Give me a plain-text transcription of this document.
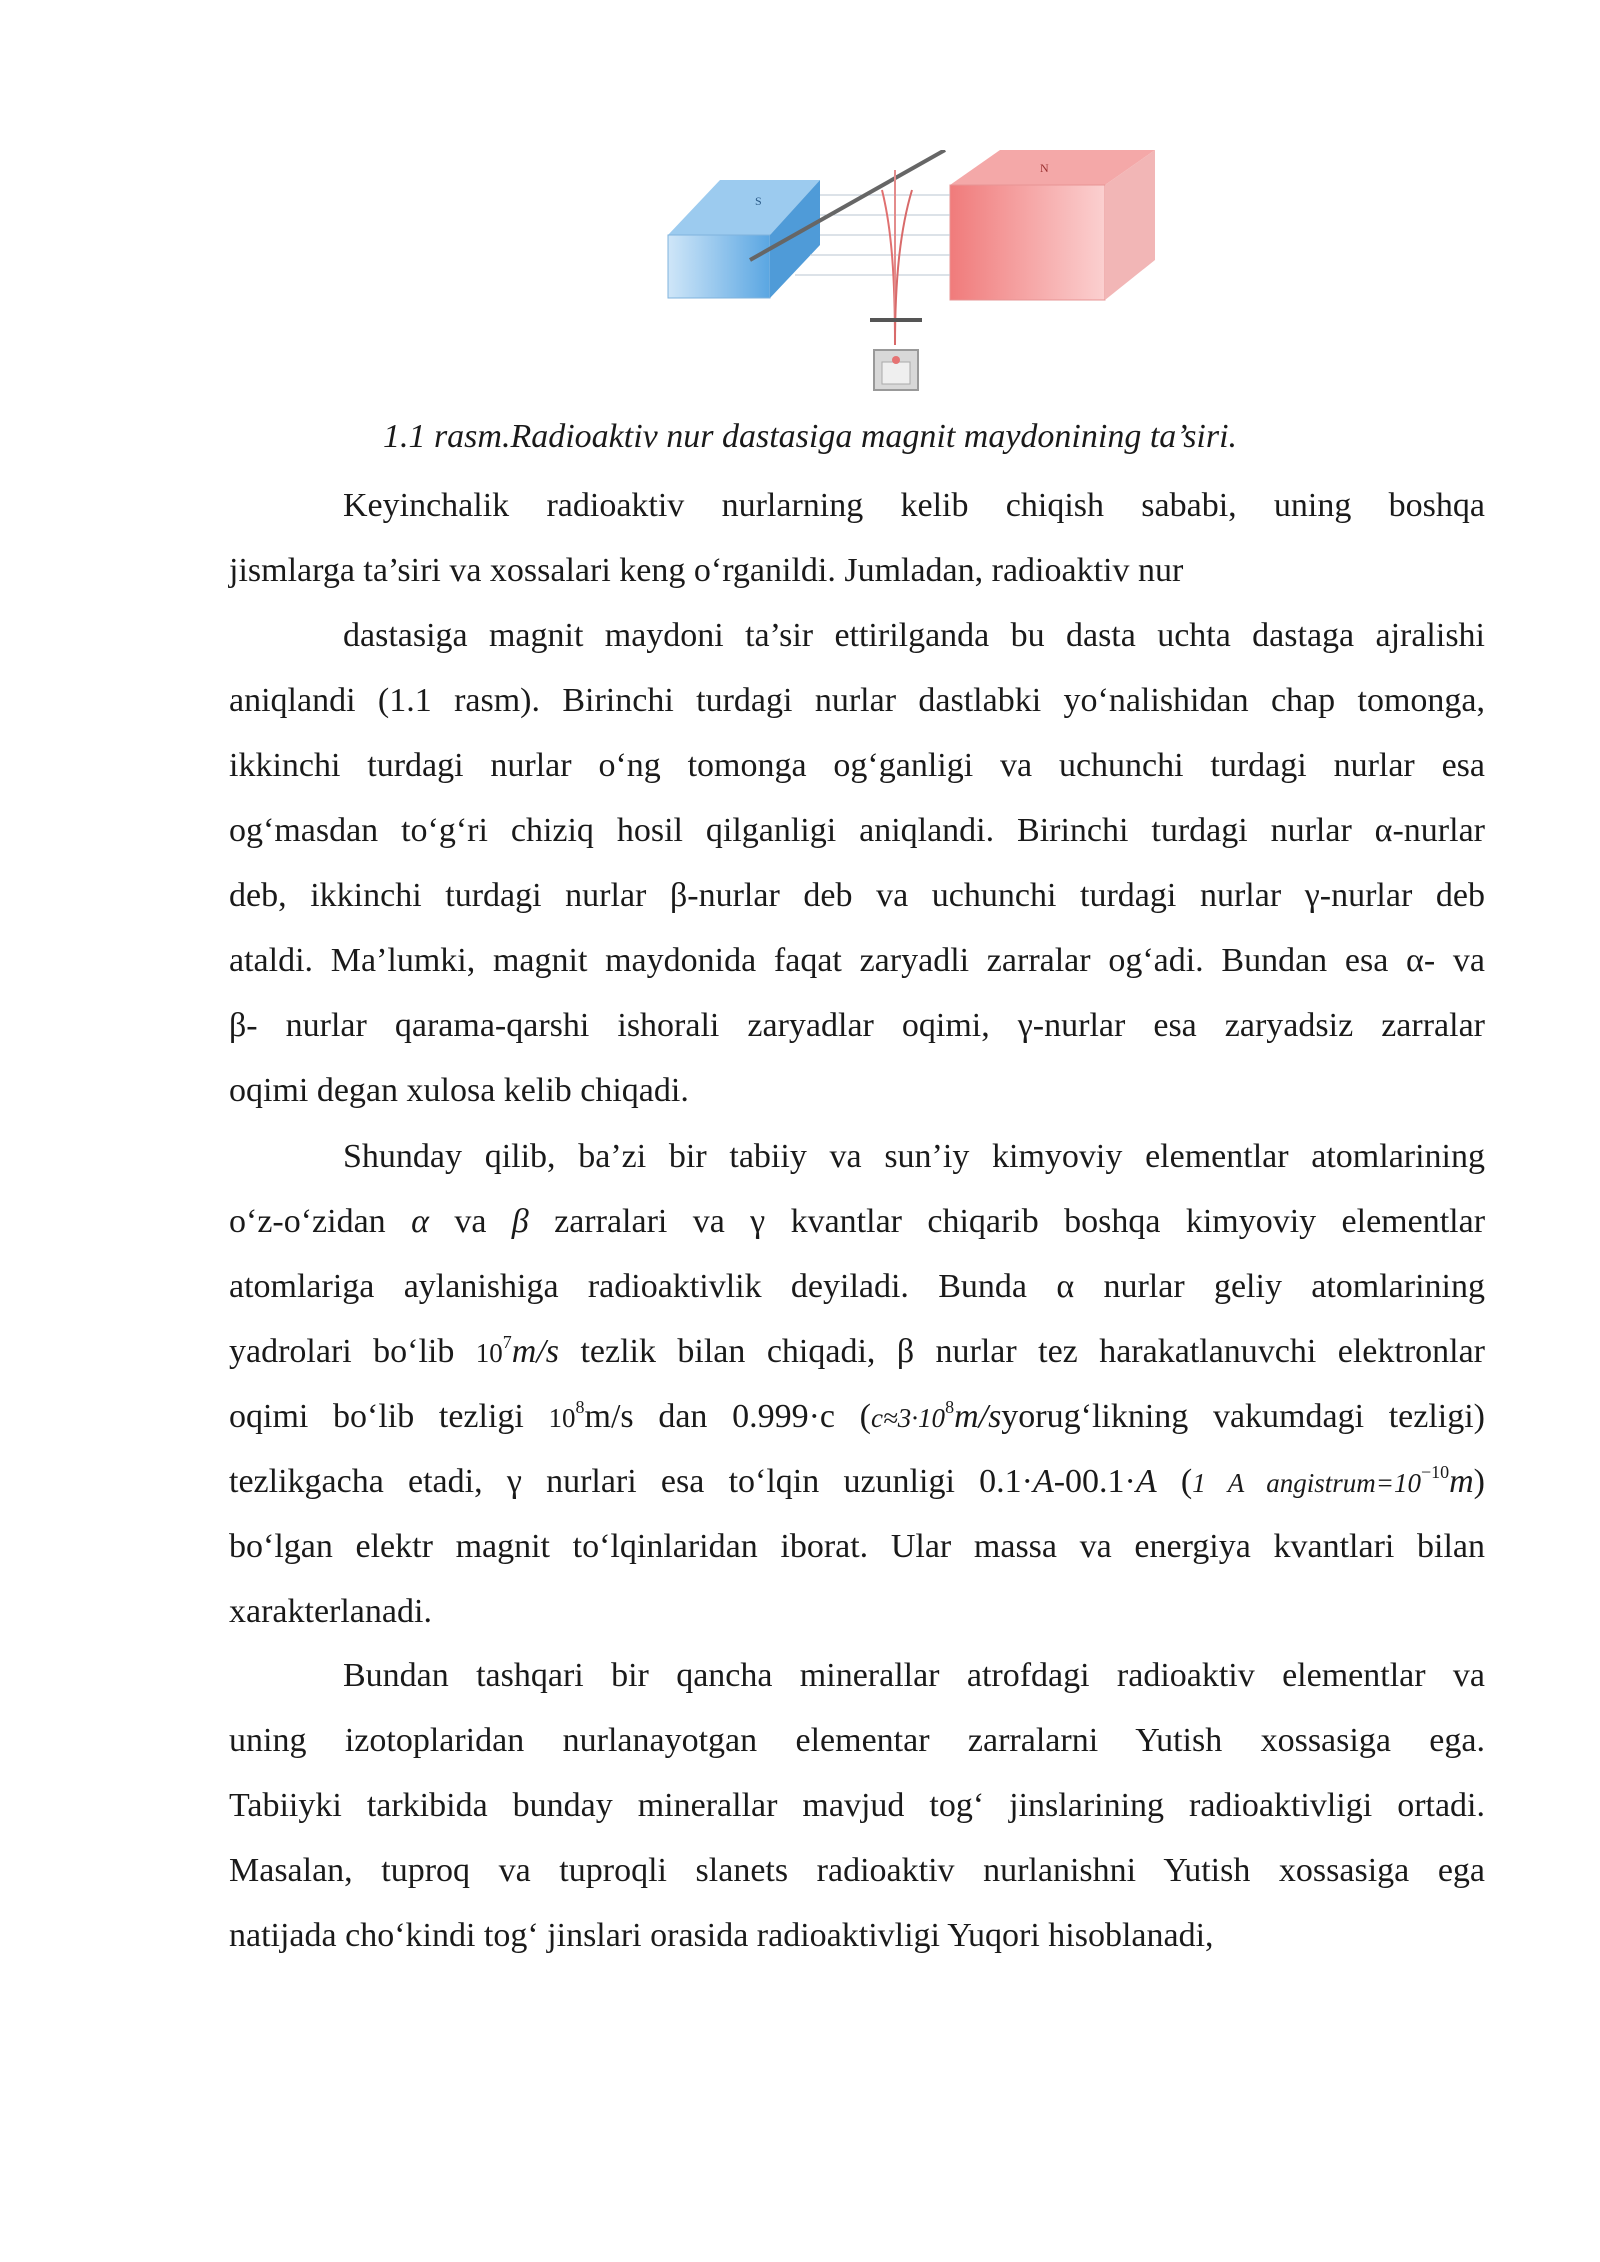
S
N
1.1 rasm.Radioaktiv nur dastasiga magnit maydonining ta’siri.
Keyinchalik radioaktiv nurlarning kelib chiqish sababi, uning boshqa
jismlarga ta’siri va xossalari keng o‘rganildi. Jumladan, radioaktiv nur
dastasiga magnit maydoni ta’sir ettirilganda bu dasta uchta dastaga ajralishi
aniqlandi (1.1 rasm). Birinchi turdagi nurlar dastlabki yo‘nalishidan chap tomonga,
ikkinchi turdagi nurlar o‘ng tomonga og‘ganligi va uchunchi turdagi nurlar esa
og‘masdan to‘g‘ri chiziq hosil qilganligi aniqlandi. Birinchi turdagi nurlar α-nurlar
deb, ikkinchi turdagi nurlar β-nurlar deb va uchunchi turdagi nurlar γ-nurlar deb
ataldi. Ma’lumki, magnit maydonida faqat zaryadli zarralar og‘adi. Bundan esa α- va
β- nurlar qarama-qarshi ishorali zaryadlar oqimi, γ-nurlar esa zaryadsiz zarralar
oqimi degan xulosa kelib chiqadi.
Shunday qilib, ba’zi bir tabiiy va sun’iy kimyoviy elementlar atomlarining
o‘z-o‘zidan α va β zarralari va γ kvantlar chiqarib boshqa kimyoviy elementlar
atomlariga aylanishiga radioaktivlik deyiladi. Bunda α nurlar geliy atomlarining
yadrolari bo‘lib $10^7m/s$ tezlik bilan chiqadi, β nurlar tez harakatlanuvchi elektronlar
oqimi bo‘lib tezligi $10^8m/s$ dan 0.999·c ($c\approx 3\cdot 10^8m/syorug‘likning$ vakumdagi tezligi)
tezlikgacha etadi, γ nurlari esa to‘lqin uzunligi 0.1·A-00.1·A (1 A $angistrum=10^{-10}m$)
bo‘lgan elektr magnit to‘lqinlaridan iborat. Ular massa va energiya kvantlari bilan
xarakterlanadi.
Bundan tashqari bir qancha minerallar atrofdagi radioaktiv elementlar va
uning izotoplaridan nurlanayotgan elementar zarralarni Yutish xossasiga ega.
Tabiiyki tarkibida bunday minerallar mavjud tog‘ jinslarining radioaktivligi ortadi.
Masalan, tuproq va tuproqli slanets radioaktiv nurlanishni Yutish xossasiga ega
natijada cho‘kindi tog‘ jinslari orasida radioaktivligi Yuqori hisoblanadi,
